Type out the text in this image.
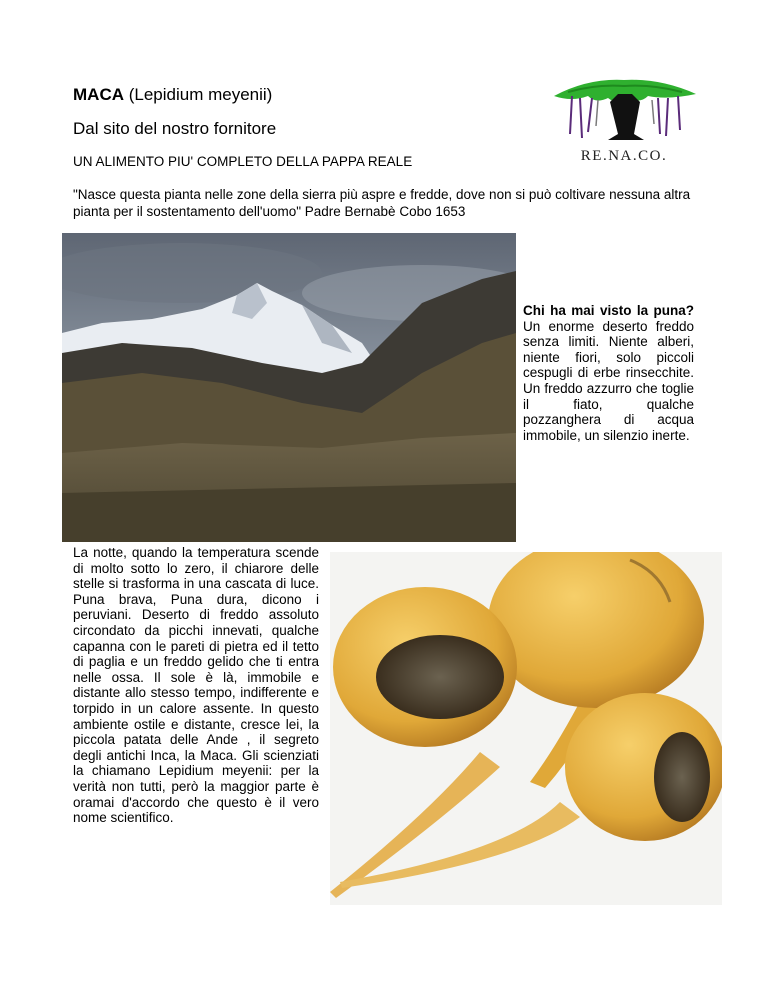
MACA (Lepidium meyenii)
Dal sito del nostro fornitore
UN ALIMENTO PIU' COMPLETO DELLA PAPPA REALE
"Nasce questa pianta nelle zone della sierra più aspre e fredde, dove non si può coltivare nessuna altra pianta per il sostentamento dell'uomo" Padre Bernabè Cobo 1653
RE.NA.CO.
Chi ha mai visto la puna? Un enorme deserto freddo senza limiti. Niente alberi, niente fiori, solo piccoli cespugli di erbe rinsecchite. Un freddo azzurro che toglie il fiato, qualche pozzanghera di acqua immobile, un silenzio inerte.
La notte, quando la temperatura scende di molto sotto lo zero, il chiarore delle stelle si trasforma in una cascata di luce. Puna brava, Puna dura, dicono i peruviani. Deserto di freddo assoluto circondato da picchi innevati, qualche capanna con le pareti di pietra ed il tetto di paglia e un freddo gelido che ti entra nelle ossa. Il sole è là, immobile e distante allo stesso tempo, indifferente e torpido in un calore assente. In questo ambiente ostile e distante, cresce lei, la piccola patata delle Ande , il segreto degli antichi Inca, la Maca. Gli scienziati la chiamano Lepidium meyenii: per la verità non tutti, però la maggior parte è oramai d'accordo che questo è il vero nome scientifico.
